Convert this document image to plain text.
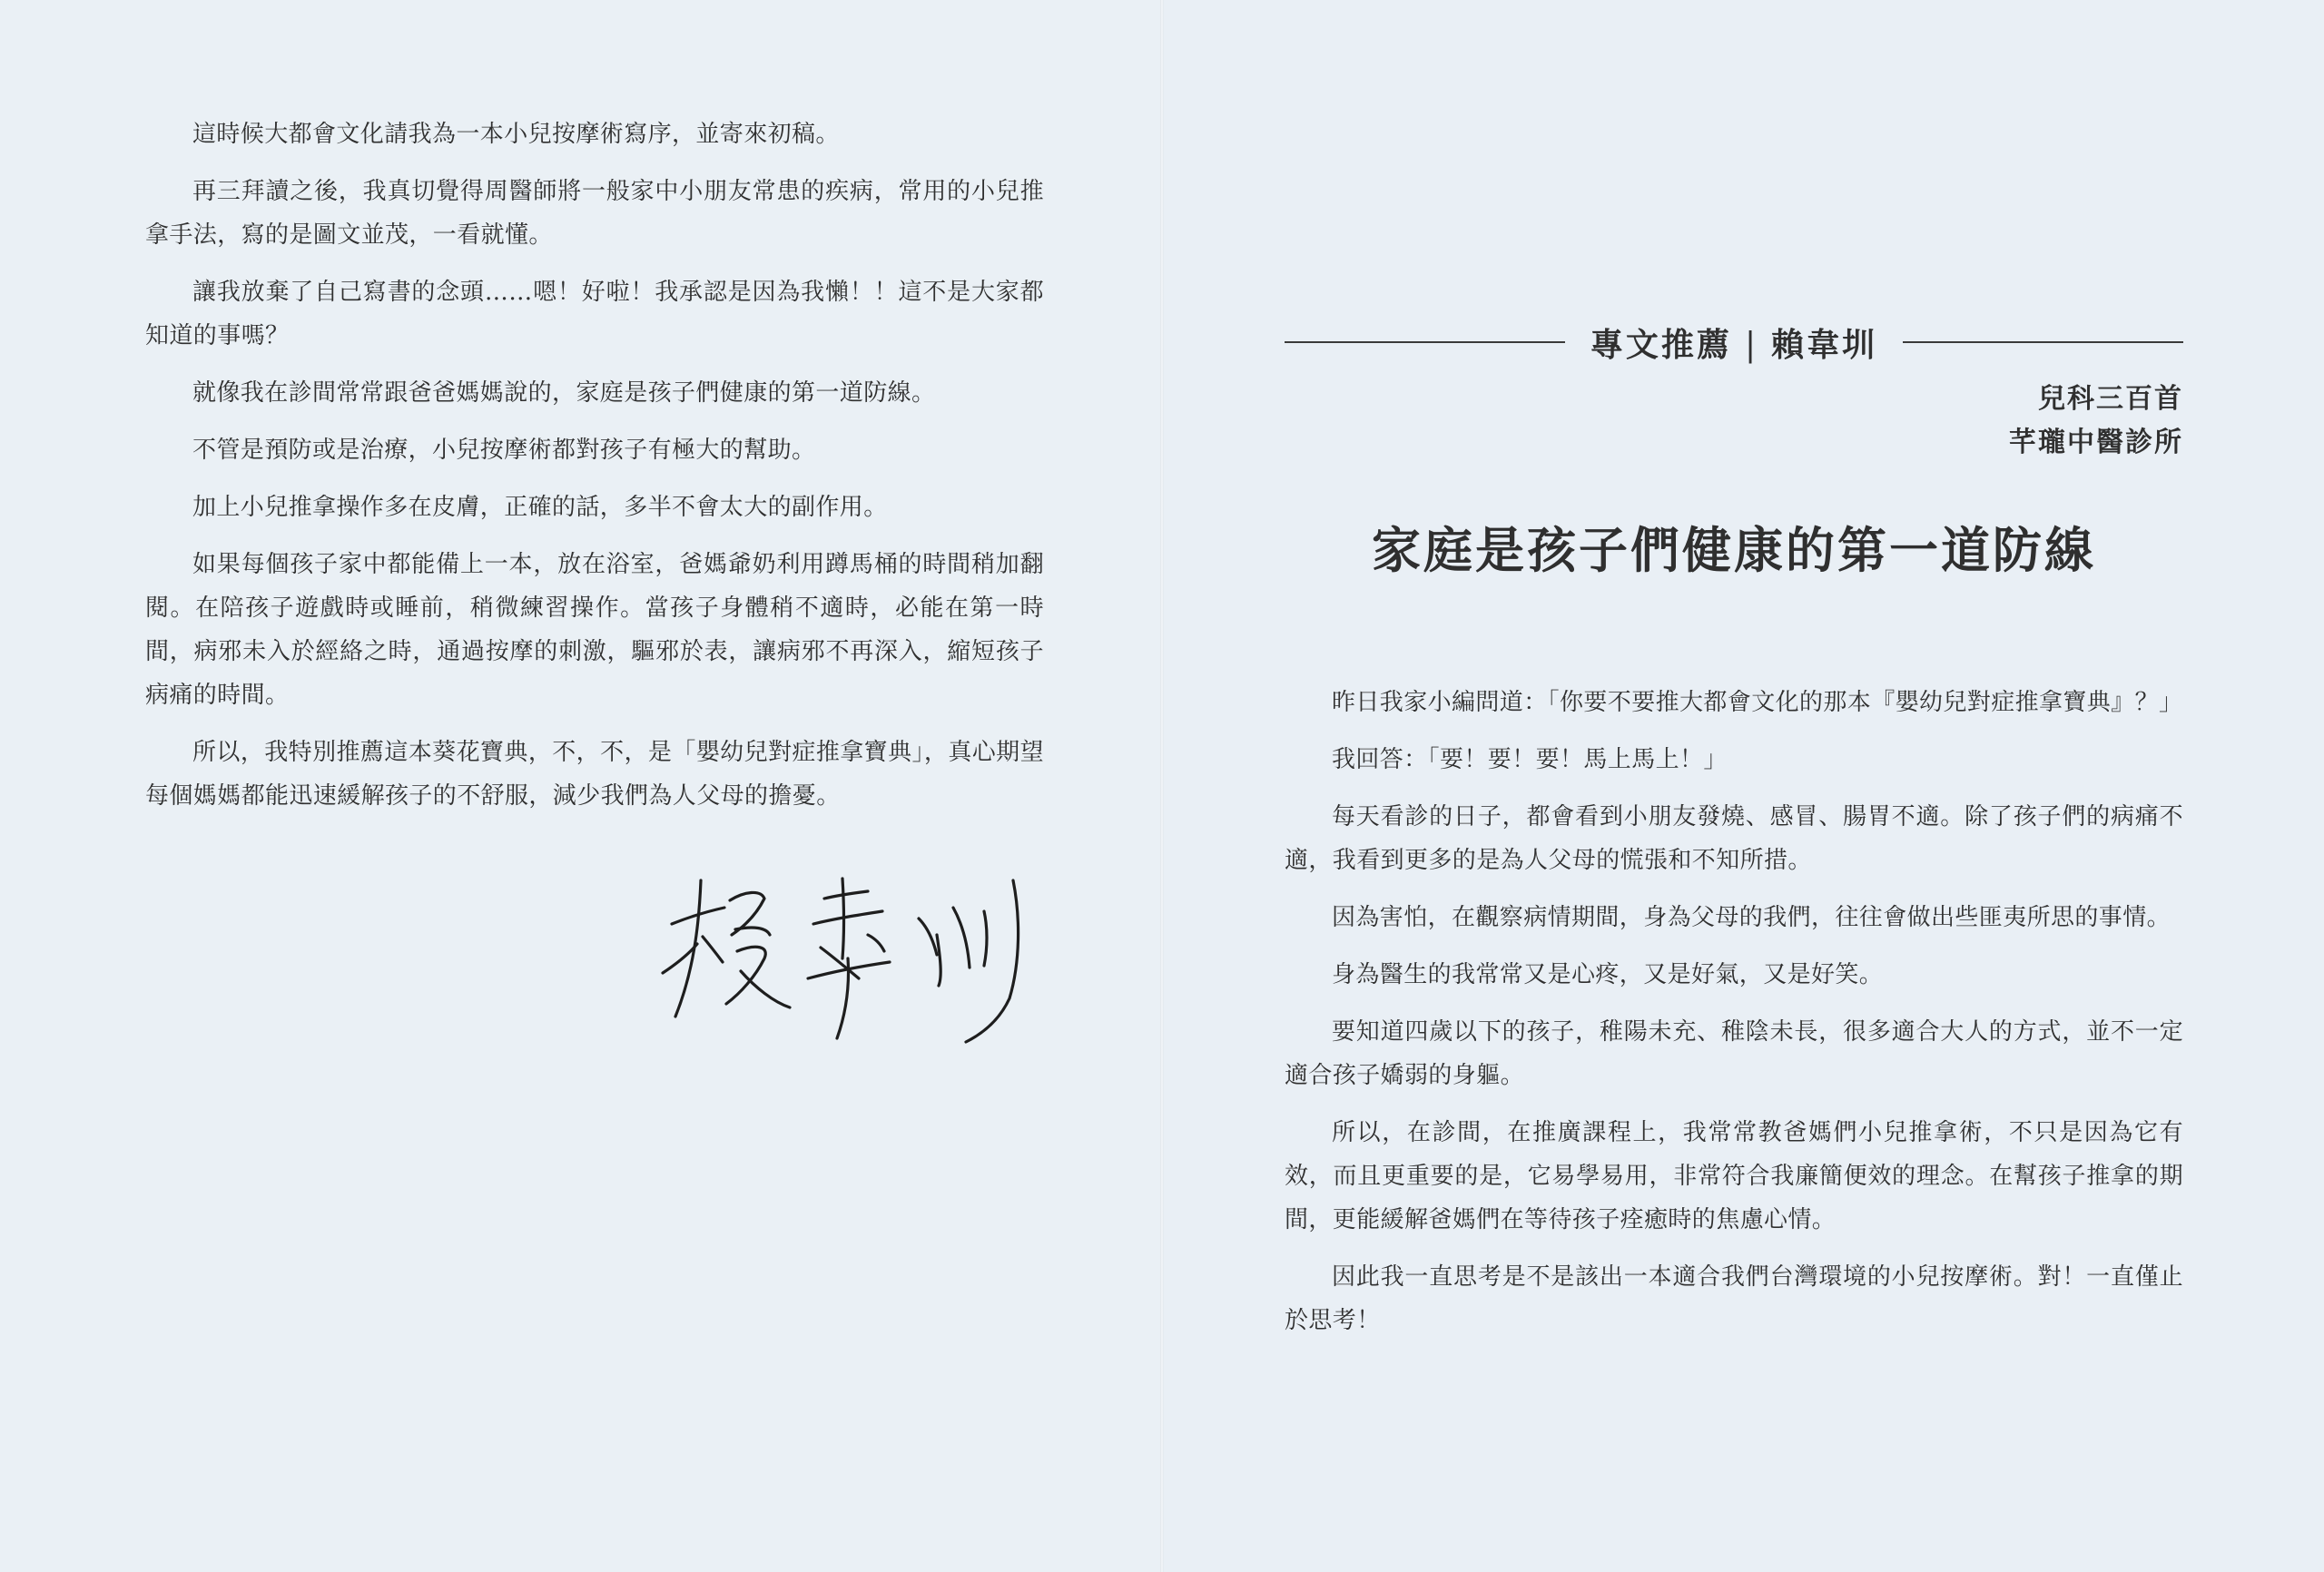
這時候大都會文化請我為一本小兒按摩術寫序，並寄來初稿。

再三拜讀之後，我真切覺得周醫師將一般家中小朋友常患的疾病，常用的小兒推拿手法，寫的是圖文並茂，一看就懂。

讓我放棄了自己寫書的念頭……嗯！好啦！我承認是因為我懶！！這不是大家都知道的事嗎？

就像我在診間常常跟爸爸媽媽說的，家庭是孩子們健康的第一道防線。

不管是預防或是治療，小兒按摩術都對孩子有極大的幫助。

加上小兒推拿操作多在皮膚，正確的話，多半不會太大的副作用。

如果每個孩子家中都能備上一本，放在浴室，爸媽爺奶利用蹲馬桶的時間稍加翻閱。在陪孩子遊戲時或睡前，稍微練習操作。當孩子身體稍不適時，必能在第一時間，病邪未入於經絡之時，通過按摩的刺激，驅邪於表，讓病邪不再深入，縮短孩子病痛的時間。

所以，我特別推薦這本葵花寶典，不，不，是「嬰幼兒對症推拿寶典」，真心期望每個媽媽都能迅速緩解孩子的不舒服，減少我們為人父母的擔憂。

專文推薦 | 賴韋圳
兒科三百首
芊瓏中醫診所
家庭是孩子們健康的第一道防線

昨日我家小編問道：「你要不要推大都會文化的那本『嬰幼兒對症推拿寶典』？」

我回答：「要！要！要！馬上馬上！」

每天看診的日子，都會看到小朋友發燒、感冒、腸胃不適。除了孩子們的病痛不適，我看到更多的是為人父母的慌張和不知所措。

因為害怕，在觀察病情期間，身為父母的我們，往往會做出些匪夷所思的事情。

身為醫生的我常常又是心疼，又是好氣，又是好笑。

要知道四歲以下的孩子，稚陽未充、稚陰未長，很多適合大人的方式，並不一定適合孩子嬌弱的身軀。

所以，在診間，在推廣課程上，我常常教爸媽們小兒推拿術，不只是因為它有效，而且更重要的是，它易學易用，非常符合我廉簡便效的理念。在幫孩子推拿的期間，更能緩解爸媽們在等待孩子痊癒時的焦慮心情。

因此我一直思考是不是該出一本適合我們台灣環境的小兒按摩術。對！一直僅止於思考！
